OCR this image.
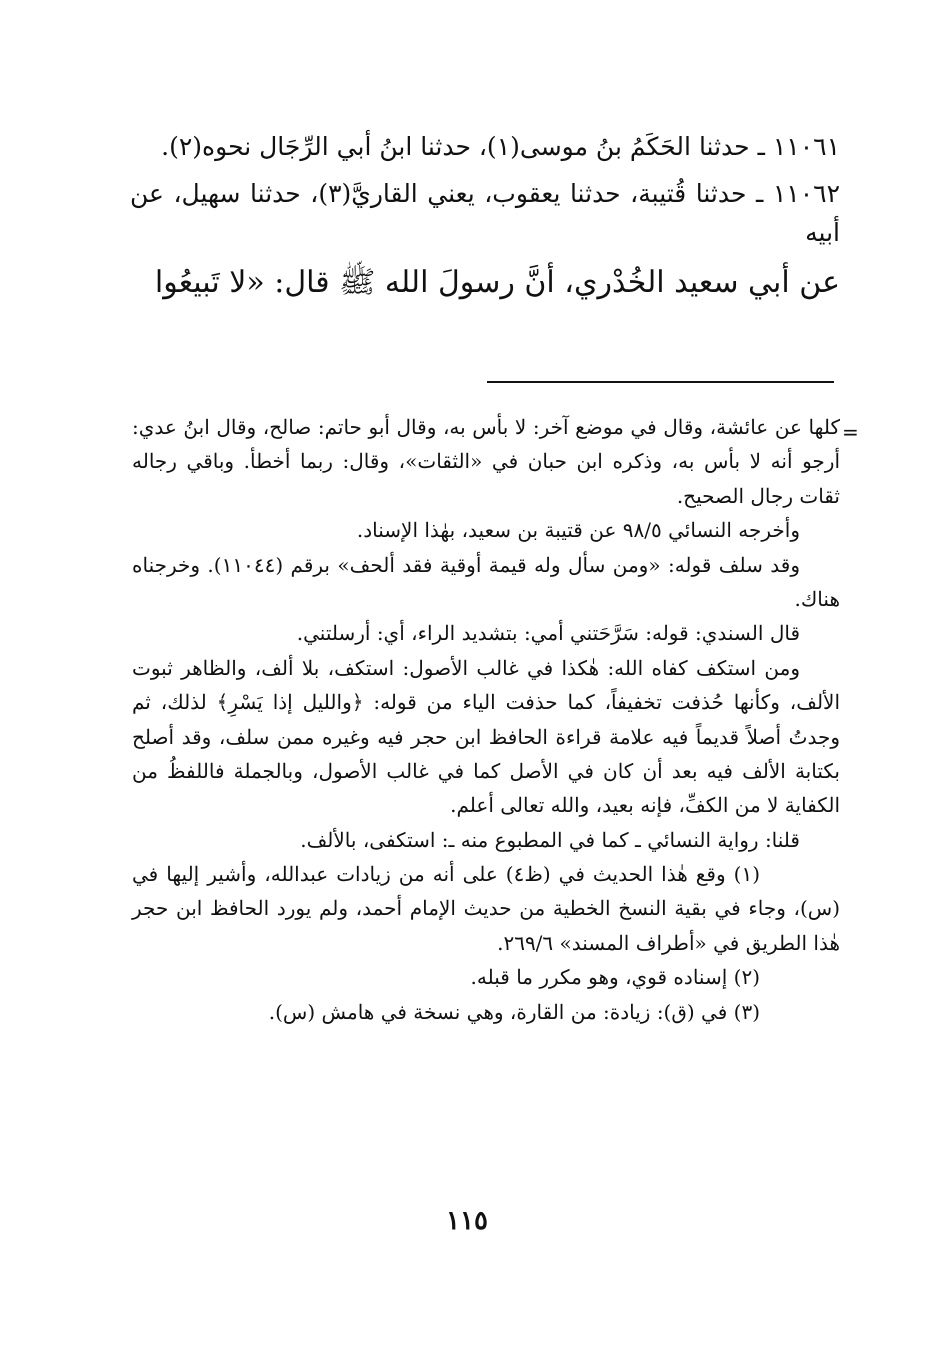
١١٠٦١ ـ حدثنا الحَكَمُ بنُ موسى(١)، حدثنا ابنُ أبي الرِّجَال نحوه(٢).

١١٠٦٢ ـ حدثنا قُتيبة، حدثنا يعقوب، يعني القاريَّ(٣)، حدثنا سهيل، عن أبيه

عن أبي سعيد الخُدْري، أنَّ رسولَ الله ﷺ قال: «لا تَبيعُوا

=

كلها عن عائشة، وقال في موضع آخر: لا بأس به، وقال أبو حاتم: صالح، وقال ابنُ عدي: أرجو أنه لا بأس به، وذكره ابن حبان في «الثقات»، وقال: ربما أخطأ. وباقي رجاله ثقات رجال الصحيح.

وأخرجه النسائي ٩٨/٥ عن قتيبة بن سعيد، بهٰذا الإسناد.

وقد سلف قوله: «ومن سأل وله قيمة أوقية فقد ألحف» برقم (١١٠٤٤). وخرجناه هناك.

قال السندي: قوله: سَرَّحَتني أمي: بتشديد الراء، أي: أرسلتني.

ومن استكف كفاه الله: هٰكذا في غالب الأصول: استكف، بلا ألف، والظاهر ثبوت الألف، وكأنها حُذفت تخفيفاً، كما حذفت الياء من قوله: ﴿والليل إذا يَسْرِ﴾ لذلك، ثم وجدتُ أصلاً قديماً فيه علامة قراءة الحافظ ابن حجر فيه وغيره ممن سلف، وقد أصلح بكتابة الألف فيه بعد أن كان في الأصل كما في غالب الأصول، وبالجملة فاللفظُ من الكفاية لا من الكفِّ، فإنه بعيد، والله تعالى أعلم.

قلنا: رواية النسائي ـ كما في المطبوع منه ـ: استكفى، بالألف.

(١) وقع هٰذا الحديث في (ظ٤) على أنه من زيادات عبدالله، وأشير إليها في (س)، وجاء في بقية النسخ الخطية من حديث الإمام أحمد، ولم يورد الحافظ ابن حجر هٰذا الطريق في «أطراف المسند» ٢٦٩/٦.

(٢) إسناده قوي، وهو مكرر ما قبله.

(٣) في (ق): زيادة: من القارة، وهي نسخة في هامش (س).

١١٥
